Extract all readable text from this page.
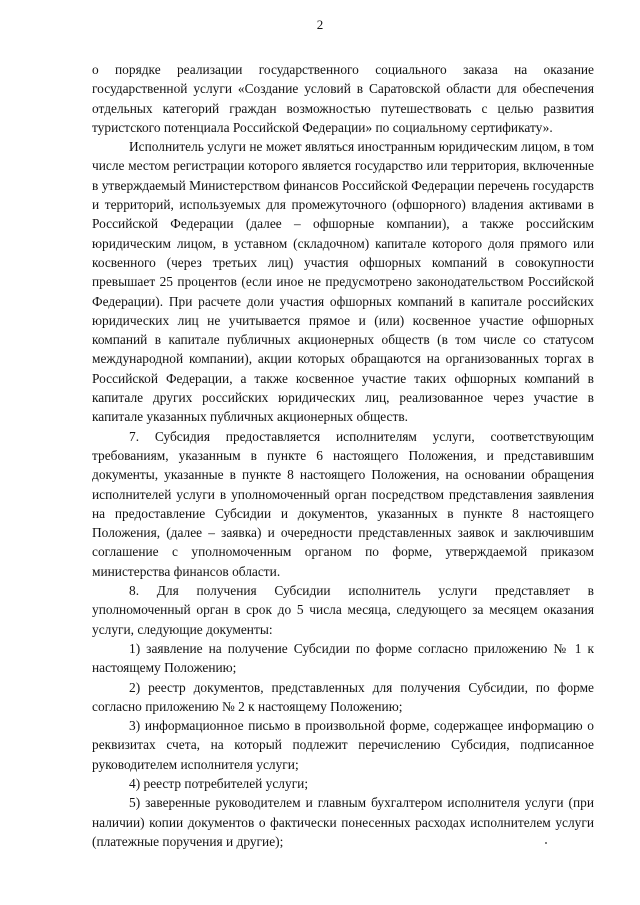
2

о порядке реализации государственного социального заказа на оказание государственной услуги «Создание условий в Саратовской области для обеспечения отдельных категорий граждан возможностью путешествовать с целью развития туристского потенциала Российской Федерации» по социальному сертификату».

Исполнитель услуги не может являться иностранным юридическим лицом, в том числе местом регистрации которого является государство или территория, включенные в утверждаемый Министерством финансов Российской Федерации перечень государств и территорий, используемых для промежуточного (офшорного) владения активами в Российской Федерации (далее – офшорные компании), а также российским юридическим лицом, в уставном (складочном) капитале которого доля прямого или косвенного (через третьих лиц) участия офшорных компаний в совокупности превышает 25 процентов (если иное не предусмотрено законодательством Российской Федерации). При расчете доли участия офшорных компаний в капитале российских юридических лиц не учитывается прямое и (или) косвенное участие офшорных компаний в капитале публичных акционерных обществ (в том числе со статусом международной компании), акции которых обращаются на организованных торгах в Российской Федерации, а также косвенное участие таких офшорных компаний в капитале других российских юридических лиц, реализованное через участие в капитале указанных публичных акционерных обществ.

7. Субсидия предоставляется исполнителям услуги, соответствующим требованиям, указанным в пункте 6 настоящего Положения, и представившим документы, указанные в пункте 8 настоящего Положения, на основании обращения исполнителей услуги в уполномоченный орган посредством представления заявления на предоставление Субсидии и документов, указанных в пункте 8 настоящего Положения, (далее – заявка) и очередности представленных заявок и заключившим соглашение с уполномоченным органом по форме, утверждаемой приказом министерства финансов области.

8. Для получения Субсидии исполнитель услуги представляет в уполномоченный орган в срок до 5 числа месяца, следующего за месяцем оказания услуги, следующие документы:

1) заявление на получение Субсидии по форме согласно приложению № 1 к настоящему Положению;

2) реестр документов, представленных для получения Субсидии, по форме согласно приложению № 2 к настоящему Положению;

3) информационное письмо в произвольной форме, содержащее информацию о реквизитах счета, на который подлежит перечислению Субсидия, подписанное руководителем исполнителя услуги;

4) реестр потребителей услуги;

5) заверенные руководителем и главным бухгалтером исполнителя услуги (при наличии) копии документов о фактически понесенных расходах исполнителем услуги (платежные поручения и другие);
